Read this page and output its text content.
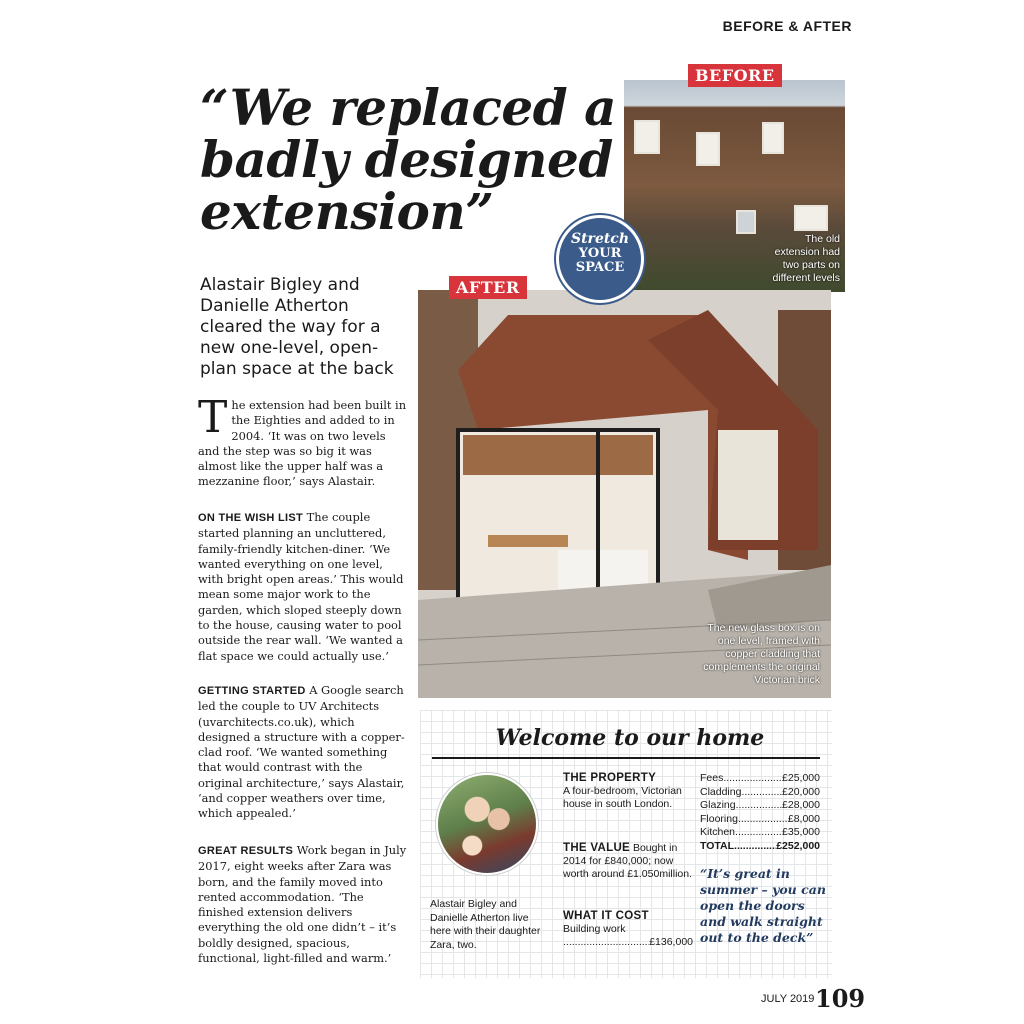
BEFORE & AFTER
“We replaced a badly designed extension”
Alastair Bigley and Danielle Atherton cleared the way for a new one-level, open-plan space at the back
The extension had been built in the Eighties and added to in 2004. ‘It was on two levels and the step was so big it was almost like the upper half was a mezzanine floor,’ says Alastair.
ON THE WISH LIST The couple started planning an uncluttered, family-friendly kitchen-diner. ‘We wanted everything on one level, with bright open areas.’ This would mean some major work to the garden, which sloped steeply down to the house, causing water to pool outside the rear wall. ‘We wanted a flat space we could actually use.’
GETTING STARTED A Google search led the couple to UV Architects (uvarchitects.co.uk), which designed a structure with a copper-clad roof. ‘We wanted something that would contrast with the original architecture,’ says Alastair, ‘and copper weathers over time, which appealed.’
GREAT RESULTS Work began in July 2017, eight weeks after Zara was born, and the family moved into rented accommodation. ‘The finished extension delivers everything the old one didn’t – it’s boldly designed, spacious, functional, light-filled and warm.’
BEFORE
The old extension had two parts on different levels
AFTER
The new glass box is on one level, framed with copper cladding that complements the original Victorian brick
Stretch
YOUR
SPACE
Welcome to our home
Alastair Bigley and Danielle Atherton live here with their daughter Zara, two.
THE PROPERTY
A four-bedroom, Victorian house in south London.
THE VALUE Bought in 2014 for £840,000; now worth around £1.050million.
WHAT IT COST
Building work
.....
£136,000
Fees .....	£25,000
Cladding .....	£20,000
Glazing .....	£28,000
Flooring .....	£8,000
Kitchen .....	£35,000
TOTAL .....	£252,000
“It’s great in summer – you can open the doors and walk straight out to the deck”
JULY 2019 109
